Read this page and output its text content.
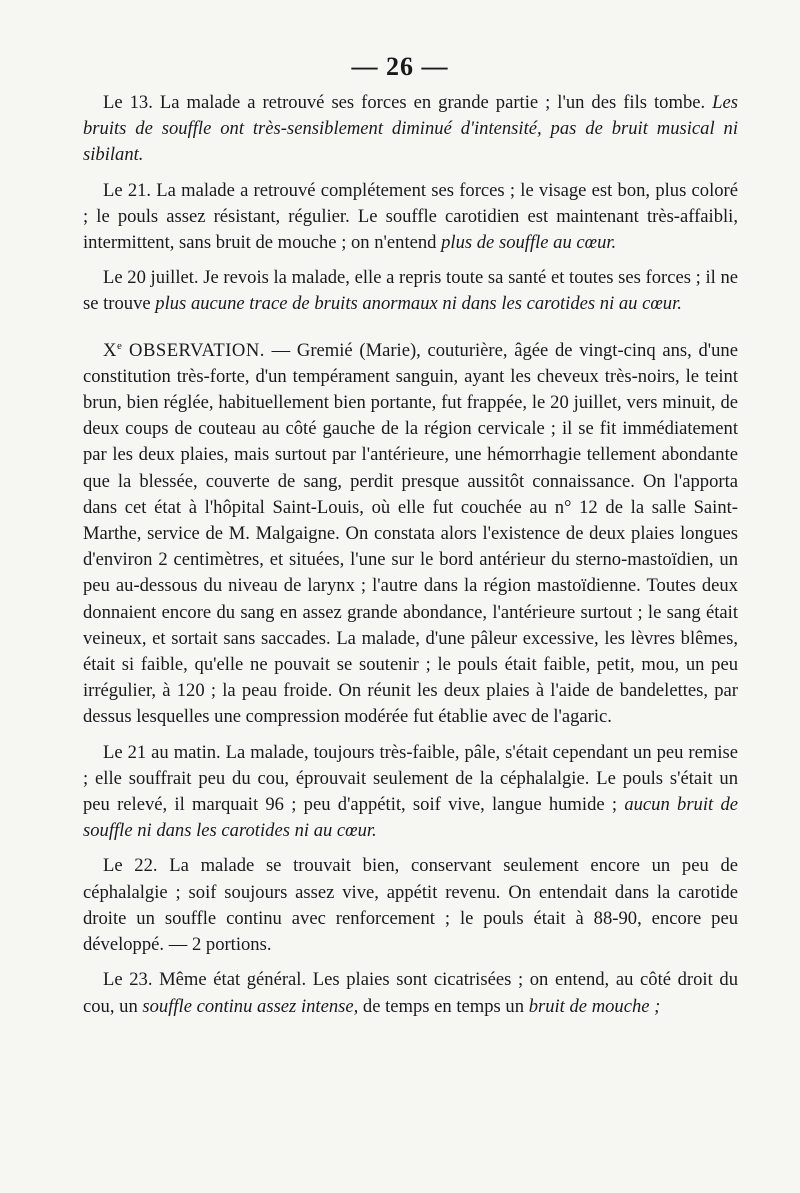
— 26 —

Le 13. La malade a retrouvé ses forces en grande partie ; l'un des fils tombe. Les bruits de souffle ont très-sensiblement diminué d'intensité, pas de bruit musical ni sibilant.

Le 21. La malade a retrouvé complétement ses forces ; le visage est bon, plus coloré ; le pouls assez résistant, régulier. Le souffle carotidien est maintenant très-affaibli, intermittent, sans bruit de mouche ; on n'entend plus de souffle au cœur.

Le 20 juillet. Je revois la malade, elle a repris toute sa santé et toutes ses forces ; il ne se trouve plus aucune trace de bruits anormaux ni dans les carotides ni au cœur.

Xe OBSERVATION. — Gremié (Marie), couturière, âgée de vingt-cinq ans, d'une constitution très-forte, d'un tempérament sanguin, ayant les cheveux très-noirs, le teint brun, bien réglée, habituellement bien portante, fut frappée, le 20 juillet, vers minuit, de deux coups de couteau au côté gauche de la région cervicale ; il se fit immédiatement par les deux plaies, mais surtout par l'antérieure, une hémorrhagie tellement abondante que la blessée, couverte de sang, perdit presque aussitôt connaissance. On l'apporta dans cet état à l'hôpital Saint-Louis, où elle fut couchée au n° 12 de la salle Saint-Marthe, service de M. Malgaigne. On constata alors l'existence de deux plaies longues d'environ 2 centimètres, et situées, l'une sur le bord antérieur du sterno-mastoïdien, un peu au-dessous du niveau de larynx ; l'autre dans la région mastoïdienne. Toutes deux donnaient encore du sang en assez grande abondance, l'antérieure surtout ; le sang était veineux, et sortait sans saccades. La malade, d'une pâleur excessive, les lèvres blêmes, était si faible, qu'elle ne pouvait se soutenir ; le pouls était faible, petit, mou, un peu irrégulier, à 120 ; la peau froide. On réunit les deux plaies à l'aide de bandelettes, par dessus lesquelles une compression modérée fut établie avec de l'agaric.

Le 21 au matin. La malade, toujours très-faible, pâle, s'était cependant un peu remise ; elle souffrait peu du cou, éprouvait seulement de la céphalalgie. Le pouls s'était un peu relevé, il marquait 96 ; peu d'appétit, soif vive, langue humide ; aucun bruit de souffle ni dans les carotides ni au cœur.

Le 22. La malade se trouvait bien, conservant seulement encore un peu de céphalalgie ; soif soujours assez vive, appétit revenu. On entendait dans la carotide droite un souffle continu avec renforcement ; le pouls était à 88-90, encore peu développé. — 2 portions.

Le 23. Même état général. Les plaies sont cicatrisées ; on entend, au côté droit du cou, un souffle continu assez intense, de temps en temps un bruit de mouche ;
